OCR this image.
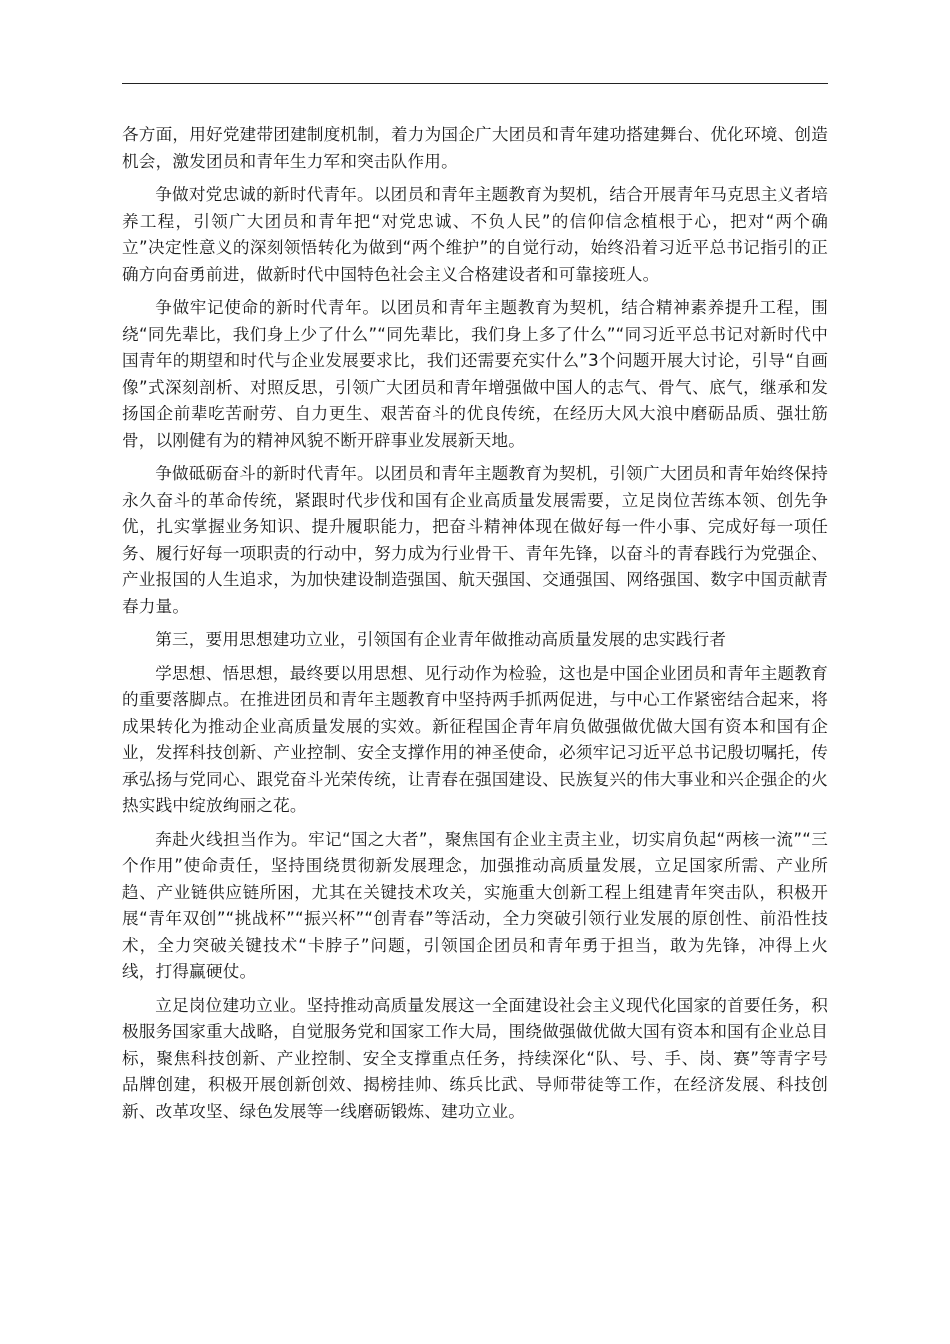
各方面，用好党建带团建制度机制，着力为国企广大团员和青年建功搭建舞台、优化环境、创造机会，激发团员和青年生力军和突击队作用。

争做对党忠诚的新时代青年。以团员和青年主题教育为契机，结合开展青年马克思主义者培养工程，引领广大团员和青年把“对党忠诚、不负人民”的信仰信念植根于心，把对“两个确立”决定性意义的深刻领悟转化为做到“两个维护”的自觉行动，始终沿着习近平总书记指引的正确方向奋勇前进，做新时代中国特色社会主义合格建设者和可靠接班人。

争做牢记使命的新时代青年。以团员和青年主题教育为契机，结合精神素养提升工程，围绕“同先辈比，我们身上少了什么”“同先辈比，我们身上多了什么”“同习近平总书记对新时代中国青年的期望和时代与企业发展要求比，我们还需要充实什么”3个问题开展大讨论，引导“自画像”式深刻剖析、对照反思，引领广大团员和青年增强做中国人的志气、骨气、底气，继承和发扬国企前辈吃苦耐劳、自力更生、艰苦奋斗的优良传统，在经历大风大浪中磨砺品质、强壮筋骨，以刚健有为的精神风貌不断开辟事业发展新天地。

争做砥砺奋斗的新时代青年。以团员和青年主题教育为契机，引领广大团员和青年始终保持永久奋斗的革命传统，紧跟时代步伐和国有企业高质量发展需要，立足岗位苦练本领、创先争优，扎实掌握业务知识、提升履职能力，把奋斗精神体现在做好每一件小事、完成好每一项任务、履行好每一项职责的行动中，努力成为行业骨干、青年先锋，以奋斗的青春践行为党强企、产业报国的人生追求，为加快建设制造强国、航天强国、交通强国、网络强国、数字中国贡献青春力量。

第三，要用思想建功立业，引领国有企业青年做推动高质量发展的忠实践行者

学思想、悟思想，最终要以用思想、见行动作为检验，这也是中国企业团员和青年主题教育的重要落脚点。在推进团员和青年主题教育中坚持两手抓两促进，与中心工作紧密结合起来，将成果转化为推动企业高质量发展的实效。新征程国企青年肩负做强做优做大国有资本和国有企业，发挥科技创新、产业控制、安全支撑作用的神圣使命，必须牢记习近平总书记殷切嘱托，传承弘扬与党同心、跟党奋斗光荣传统，让青春在强国建设、民族复兴的伟大事业和兴企强企的火热实践中绽放绚丽之花。

奔赴火线担当作为。牢记“国之大者”，聚焦国有企业主责主业，切实肩负起“两核一流”“三个作用”使命责任，坚持围绕贯彻新发展理念，加强推动高质量发展，立足国家所需、产业所趋、产业链供应链所困，尤其在关键技术攻关，实施重大创新工程上组建青年突击队，积极开展“青年双创”“挑战杯”“振兴杯”“创青春”等活动，全力突破引领行业发展的原创性、前沿性技术，全力突破关键技术“卡脖子”问题，引领国企团员和青年勇于担当，敢为先锋，冲得上火线，打得赢硬仗。

立足岗位建功立业。坚持推动高质量发展这一全面建设社会主义现代化国家的首要任务，积极服务国家重大战略，自觉服务党和国家工作大局，围绕做强做优做大国有资本和国有企业总目标，聚焦科技创新、产业控制、安全支撑重点任务，持续深化“队、号、手、岗、赛”等青字号品牌创建，积极开展创新创效、揭榜挂帅、练兵比武、导师带徒等工作，在经济发展、科技创新、改革攻坚、绿色发展等一线磨砺锻炼、建功立业。
